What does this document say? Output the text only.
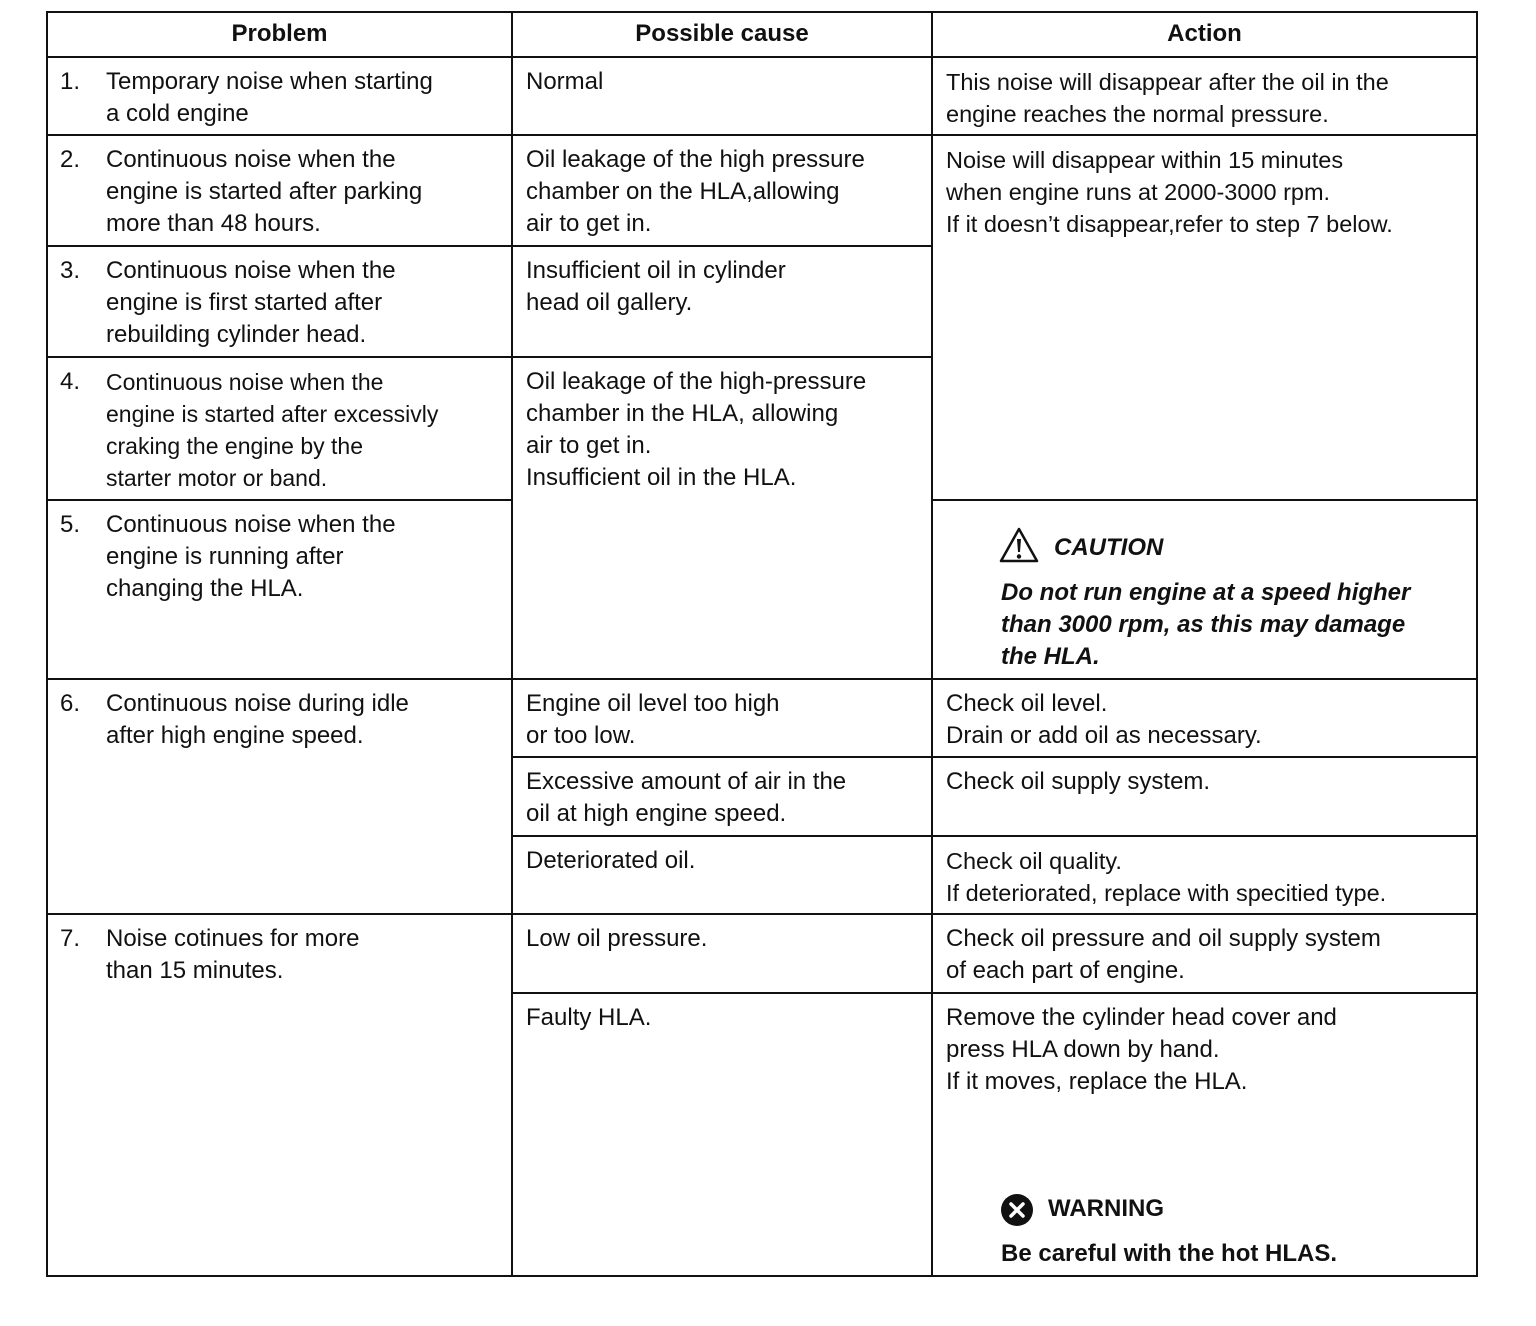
Problem	Possible cause	Action
1. Temporary noise when starting
a cold engine
2. Continuous noise when the
engine is started after parking
more than 48 hours.
3. Continuous noise when the
engine is first started after
rebuilding cylinder head.
4. Continuous noise when the
engine is started after excessivly
craking the engine by the
starter motor or band.
5. Continuous noise when the
engine is running after
changing the HLA.
6. Continuous noise during idle
after high engine speed.
7. Noise cotinues for more
than 15 minutes.
Normal
Oil leakage of the high pressure
chamber on the HLA,allowing
air to get in.
Insufficient oil in cylinder
head oil gallery.
Oil leakage of the high-pressure
chamber in the HLA, allowing
air to get in.
Insufficient oil in the HLA.
Engine oil level too high
or too low.
Excessive amount of air in the
oil at high engine speed.
Deteriorated oil.
Low oil pressure.
Faulty HLA.
This noise will disappear after the oil in the
engine reaches the normal pressure.
Noise will disappear within 15 minutes
when engine runs at 2000-3000 rpm.
If it doesn’t disappear,refer to step 7 below.
Check oil level.
Drain or add oil as necessary.
Check oil supply system.
Check oil quality.
If deteriorated, replace with specitied type.
Check oil pressure and oil supply system
of each part of engine.
Remove the cylinder head cover and
press HLA down by hand.
If it moves, replace the HLA.
CAUTION
Do not run engine at a speed higher
than 3000 rpm, as this may damage
the HLA.
WARNING
Be careful with the hot HLAS.
